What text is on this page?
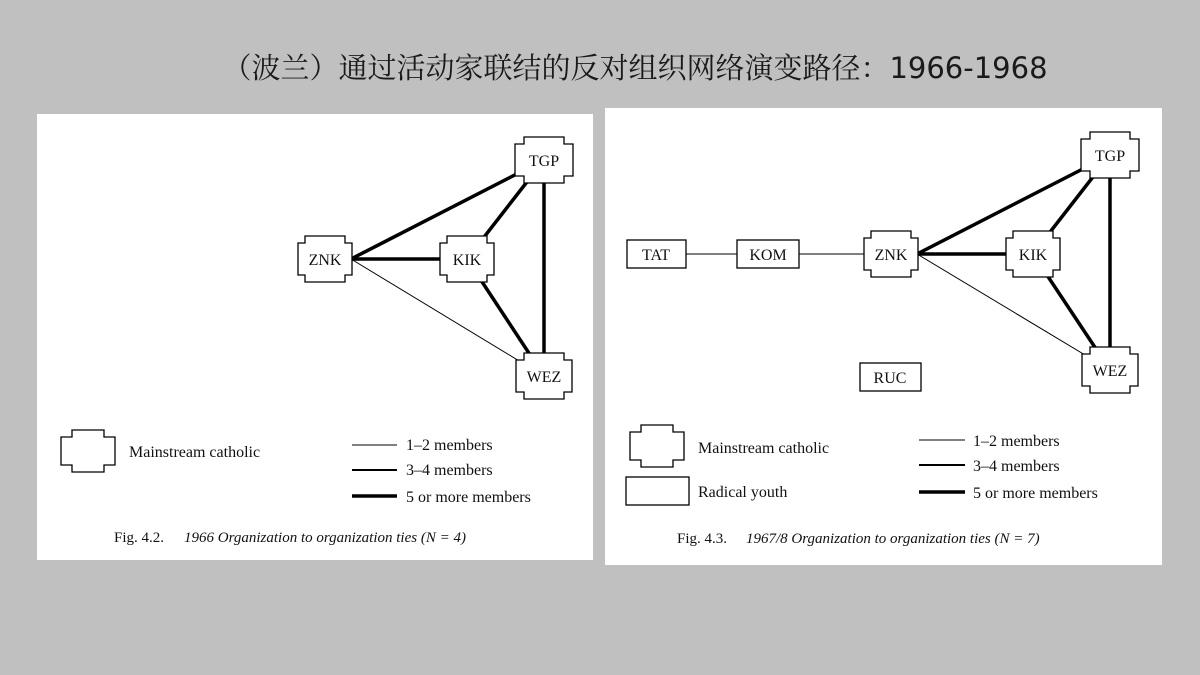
（波兰）通过活动家联结的反对组织网络演变路径：1966-1968
TGP
ZNK	KIK
WEZ
Mainstream catholic	1–2 members
3–4 members
5 or more members
Fig. 4.2. 1966 Organization to organization ties (N = 4)
TAT	KOM
RUC
ZNK
TGP
KIK
WEZ
Mainstream catholic
Radical youth
1–2 members
3–4 members
5 or more members
Fig. 4.3. 1967/8 Organization to organization ties (N = 7)
